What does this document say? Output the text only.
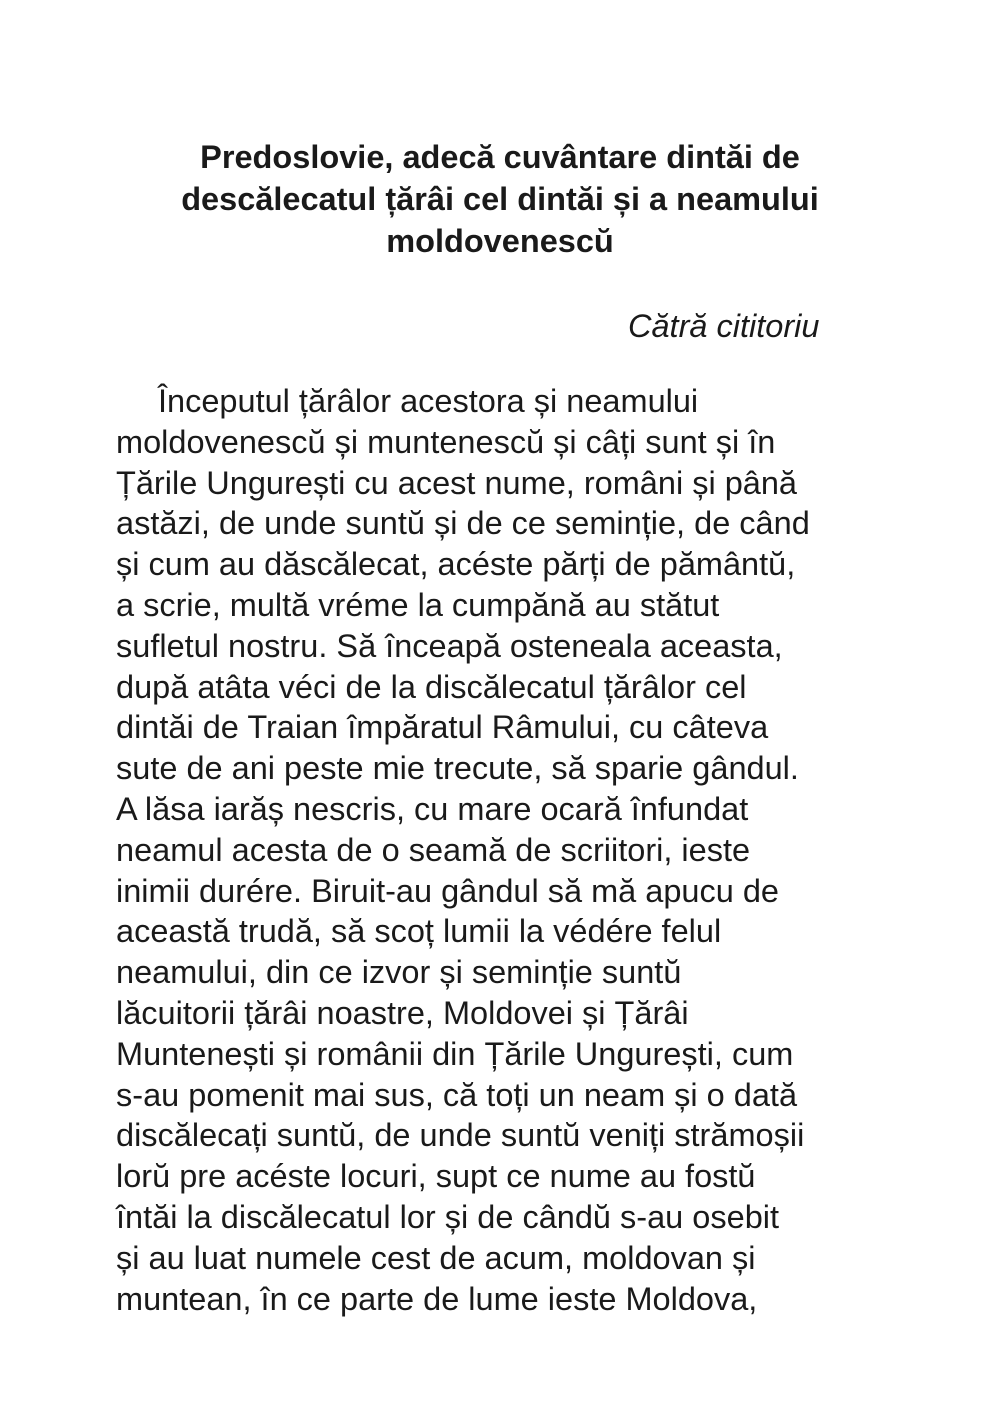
Predoslovie, adecă cuvântare dintăi de
descălecatul țărâi cel dintăi și a neamului
moldovenescŭ

Cătră cititoriu

Începutul țărâlor acestora și neamului
moldovenescŭ și muntenescŭ și câți sunt și în
Țările Ungurești cu acest nume, români și până
astăzi, de unde suntŭ și de ce seminție, de când
și cum au dăscălecat, acéste părți de pământŭ,
a scrie, multă vréme la cumpănă au stătut
sufletul nostru. Să înceapă osteneala aceasta,
după atâta véci de la discălecatul țărâlor cel
dintăi de Traian împăratul Râmului, cu câteva
sute de ani peste mie trecute, să sparie gândul.
A lăsa iarăș nescris, cu mare ocară înfundat
neamul acesta de o seamă de scriitori, ieste
inimii durére. Biruit-au gândul să mă apucu de
această trudă, să scoț lumii la védére felul
neamului, din ce izvor și seminție suntŭ
lăcuitorii țărâi noastre, Moldovei și Țărâi
Muntenești și românii din Țările Ungurești, cum
s-au pomenit mai sus, că toți un neam și o dată
discălecați suntŭ, de unde suntŭ veniți strămoșii
lorŭ pre acéste locuri, supt ce nume au fostŭ
întăi la discălecatul lor și de cândŭ s-au osebit
și au luat numele cest de acum, moldovan și
muntean, în ce parte de lume ieste Moldova,
